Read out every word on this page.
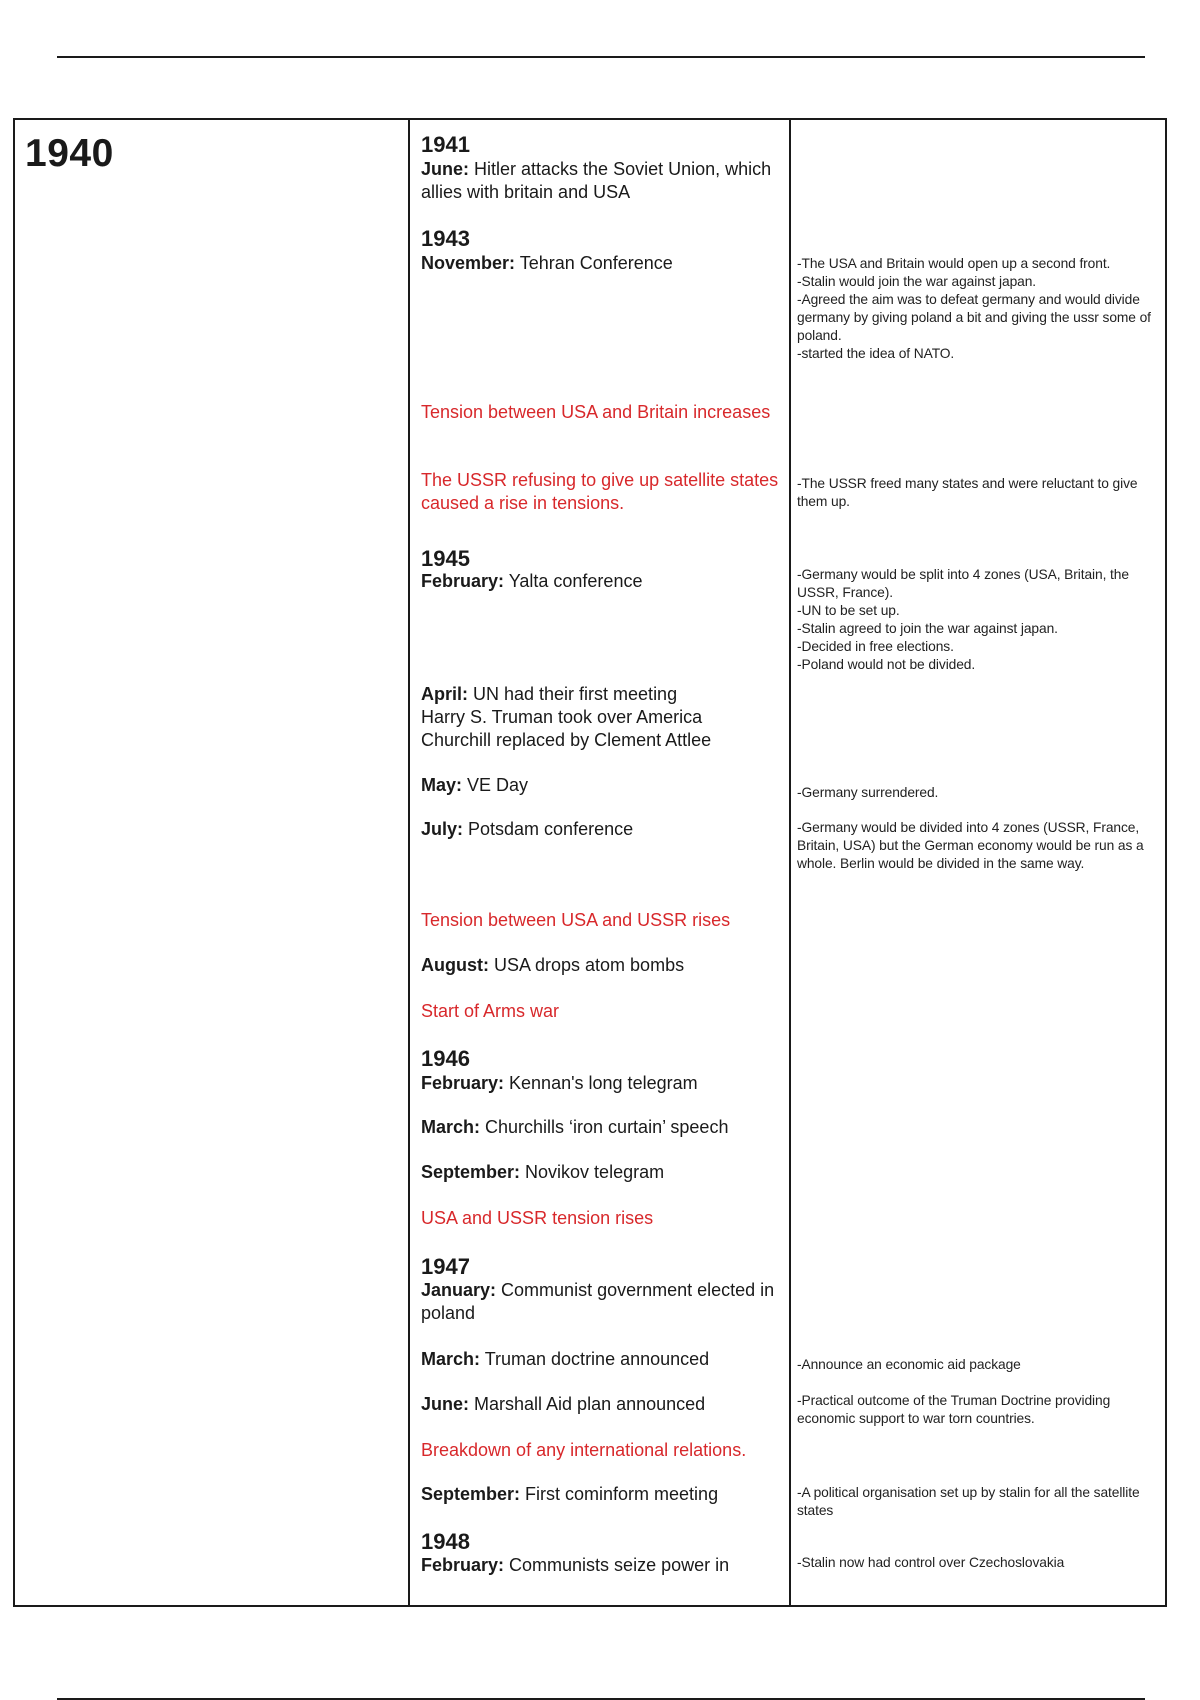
1940	1941
June: Hitler attacks the Soviet Union, which allies with britain and USA
1943
November: Tehran Conference
Tension between USA and Britain increases
The USSR refusing to give up satellite states caused a rise in tensions.
1945
February: Yalta conference
April: UN had their first meeting
Harry S. Truman took over America
Churchill replaced by Clement Attlee
May: VE Day
July: Potsdam conference
Tension between USA and USSR rises
August: USA drops atom bombs
Start of Arms war
1946
February: Kennan's long telegram
March: Churchills ‘iron curtain’ speech
September: Novikov telegram
USA and USSR tension rises
1947
January: Communist government elected in poland
March: Truman doctrine announced
June: Marshall Aid plan announced
Breakdown of any international relations.
September: First cominform meeting
1948
February: Communists seize power in
-The USA and Britain would open up a second front.
-Stalin would join the war against japan.
-Agreed the aim was to defeat germany and would divide germany by giving poland a bit and giving the ussr some of poland.
-started the idea of NATO.
-The USSR freed many states and were reluctant to give them up.
-Germany would be split into 4 zones (USA, Britain, the USSR, France).
-UN to be set up.
-Stalin agreed to join the war against japan.
-Decided in free elections.
-Poland would not be divided.
-Germany surrendered.
-Germany would be divided into 4 zones (USSR, France, Britain, USA) but the German economy would be run as a whole. Berlin would be divided in the same way.
-Announce an economic aid package
-Practical outcome of the Truman Doctrine providing economic support to war torn countries.
-A political organisation set up by stalin for all the satellite states
-Stalin now had control over Czechoslovakia
